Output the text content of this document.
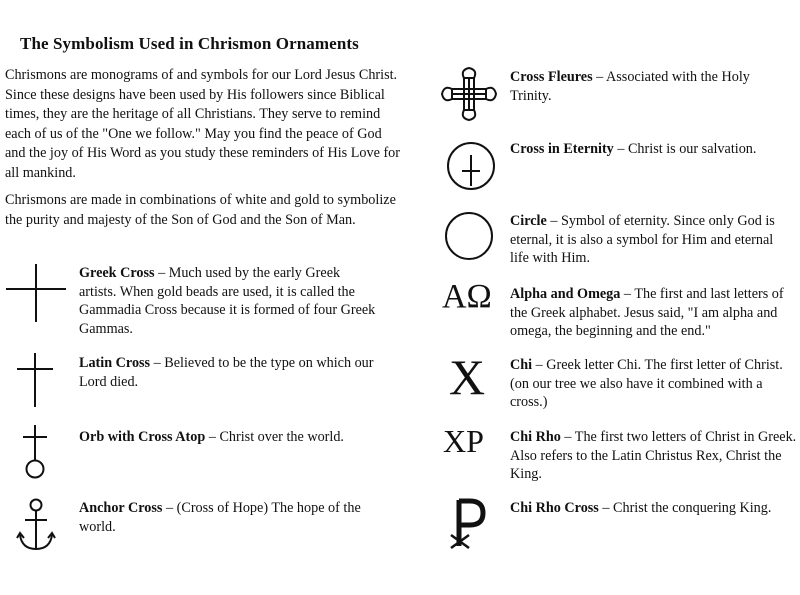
The Symbolism Used in Chrismon Ornaments
Chrismons are monograms of and symbols for our Lord Jesus Christ. Since these designs have been used by His followers since Biblical times, they are the heritage of all Christians. They serve to remind each of us of the "One we follow." May you find the peace of God and the joy of His Word as you study these reminders of His Love for all mankind.
Chrismons are made in combinations of white and gold to symbolize the purity and majesty of the Son of God and the Son of Man.
Greek Cross – Much used by the early Greek artists. When gold beads are used, it is called the Gammadia Cross because it is formed of four Greek Gammas.
Latin Cross – Believed to be the type on which our Lord died.
Orb with Cross Atop – Christ over the world.
Anchor Cross – (Cross of Hope) The hope of the world.
Cross Fleures – Associated with the Holy Trinity.
Cross in Eternity – Christ is our salvation.
Circle – Symbol of eternity. Since only God is eternal, it is also a symbol for Him and eternal life with Him.
ΑΩ Alpha and Omega – The first and last letters of the Greek alphabet. Jesus said, "I am alpha and omega, the beginning and the end."
X Chi – Greek letter Chi. The first letter of Christ. (on our tree we also have it combined with a cross.)
XP Chi Rho – The first two letters of Christ in Greek. Also refers to the Latin Christus Rex, Christ the King.
Chi Rho Cross – Christ the conquering King.
